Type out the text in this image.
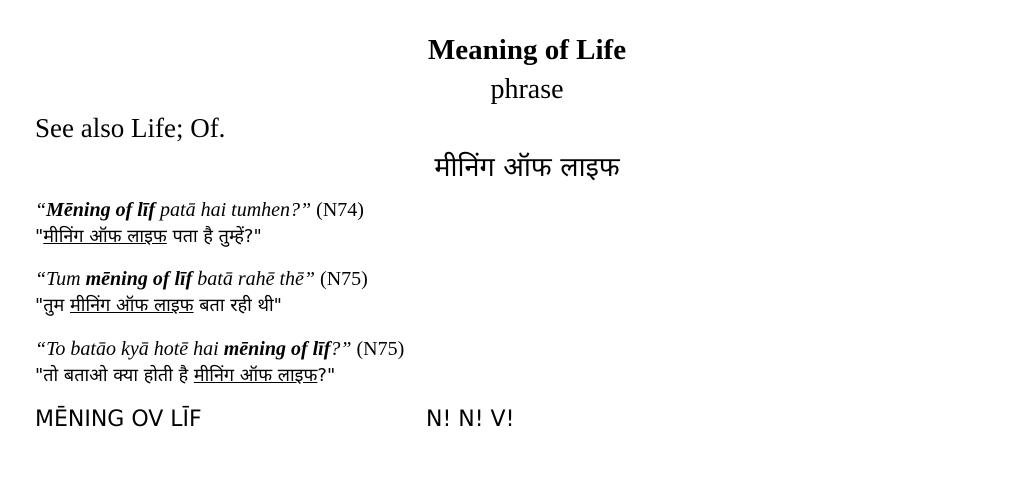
Meaning of Life
phrase
See also Life; Of.
मीनिंग ऑफ लाइफ
“Mēning of līf patā hai tumhen?” (N74)
"मीनिंग ऑफ लाइफ पता है तुम्हें?"
“Tum mēning of līf batā rahē thē” (N75)
"तुम मीनिंग ऑफ लाइफ बता रही थी"
“To batāo kyā hotē hai mēning of līf?” (N75)
"तो बताओ क्या होती है मीनिंग ऑफ लाइफ?"
MĒNING OV LĪF	N! N! V!
